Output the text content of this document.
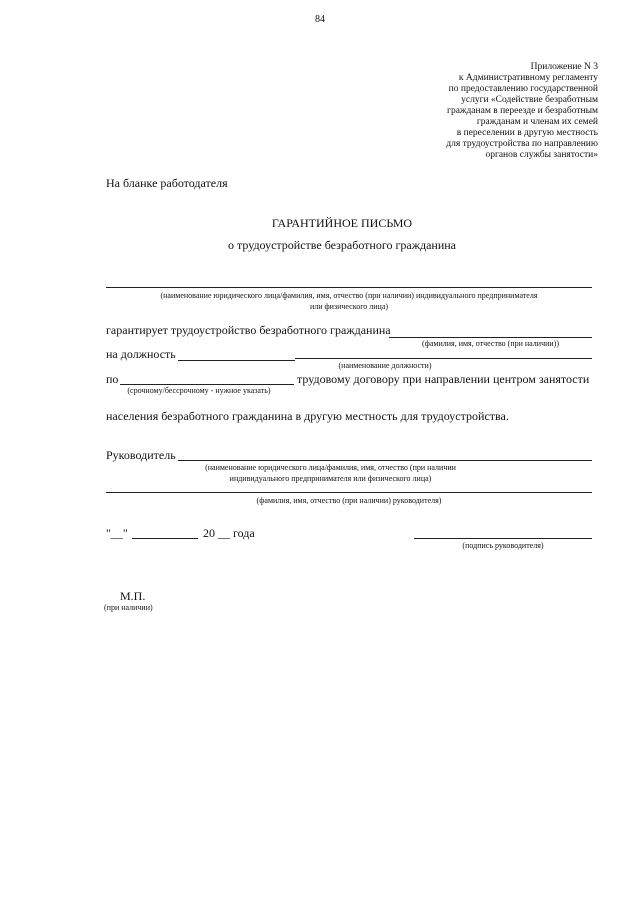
84
Приложение N 3
к Административному регламенту
по предоставлению государственной
услуги «Содействие безработным
гражданам в переезде и безработным
гражданам и членам их семей
в переселении в другую местность
для трудоустройства по направлению
органов службы занятости»
На бланке работодателя
ГАРАНТИЙНОЕ ПИСЬМО
о трудоустройстве безработного гражданина
(наименование юридического лица/фамилия, имя, отчество (при наличии) индивидуального предпринимателя
или физического лица)
гарантирует трудоустройство безработного гражданина
(фамилия, имя, отчество (при наличии))
на должность
(наименование должности)
по	трудовому договору при направлении центром занятости
(срочному/бессрочному - нужное указать)
населения безработного гражданина в другую местность для трудоустройства.
Руководитель
(наименование юридического лица/фамилия, имя, отчество (при наличии
индивидуального предпринимателя или физического лица)
(фамилия, имя, отчество (при наличии) руководителя)
"__"	20 __ года
(подпись руководителя)
М.П.
(при наличии)
